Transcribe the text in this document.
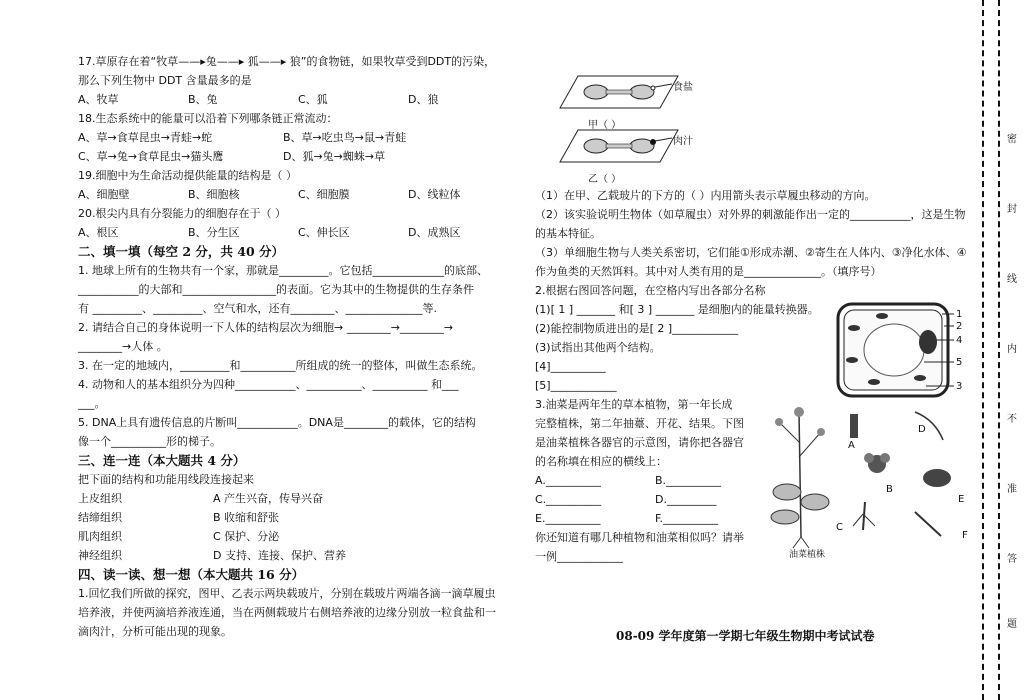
17.草原存在着“牧草——▸兔——▸ 狐——▸ 狼”的食物链，如果牧草受到DDT的污染，
那么下列生物中 DDT 含量最多的是
A、牧草	B、兔	C、狐	D、狼
18.生态系统中的能量可以沿着下列哪条链正常流动：
A、草→食草昆虫→青蛙→蛇	B、草→吃虫鸟→鼠→青蛙
C、草→兔→食草昆虫→猫头鹰	D、狐→兔→蜘蛛→草
19.细胞中为生命活动提供能量的结构是（ ）
A、细胞壁	B、细胞核	C、细胞膜	D、线粒体
20.根尖内具有分裂能力的细胞存在于（ ）
A、根区	B、分生区	C、伸长区	D、成熟区
二、填一填（每空 2 分，共 40 分）
1. 地球上所有的生物共有一个家，那就是_________。它包括_____________的底部、
___________的大部和_________________的表面。它为其中的生物提供的生存条件
有 _________、_________、空气和水，还有________、______________等.
2. 请结合自己的身体说明一下人体的结构层次为细胞→ ________→________→
________→人体 。
3. 在一定的地域内，_________和__________所组成的统一的整体，叫做生态系统。
4. 动物和人的基本组织分为四种___________、__________、__________ 和___
___。
5. DNA上具有遗传信息的片断叫___________。DNA是________的载体，它的结构
像一个__________形的梯子。
三、连一连（本大题共 4 分）
把下面的结构和功能用线段连接起来
上皮组织	A 产生兴奋，传导兴奋
结缔组织	B 收缩和舒张
肌肉组织	C 保护、分泌
神经组织	D 支持、连接、保护、营养
四、读一读、想一想（本大题共 16 分）
1.回忆我们所做的探究，图甲、乙表示两块载玻片，分别在载玻片两端各滴一滴草履虫
培养液，并使两滴培养液连通，当在两侧载玻片右侧培养液的边缘分别放一粒食盐和一
滴肉汁，分析可能出现的现象。
（1）在甲、乙载玻片的下方的（ ）内用箭头表示草履虫移动的方向。
（2）该实验说明生物体（如草履虫）对外界的刺激能作出一定的___________，这是生物
的基本特征。
（3）单细胞生物与人类关系密切，它们能①形成赤潮、②寄生在人体内、③净化水体、④
作为鱼类的天然饵料。其中对人类有用的是______________。（填序号）
2.根据右图回答问题，在空格内写出各部分名称
(1)[ 1 ] _______ 和[ 3 ] _______ 是细胞内的能量转换器。
(2)能控制物质进出的是[ 2 ]____________
(3)试指出其他两个结构。
[4]__________
[5]____________
3.油菜是两年生的草本植物，第一年长成
完整植株，第二年抽薹、开花、结果。下图
是油菜植株各器官的示意图，请你把各器官
的名称填在相应的横线上：
A.__________	B.__________
C.__________	D._________
E.__________	F.__________
你还知道有哪几种植物和油菜相似吗？请举
一例____________
食盐
甲（ ）
肉汁
乙（ ）
1
2
4
5
3
A
B
C
D
E
F
油菜植株
08-09 学年度第一学期七年级生物期中考试试卷
密
封
线
内
不
准
答
题
